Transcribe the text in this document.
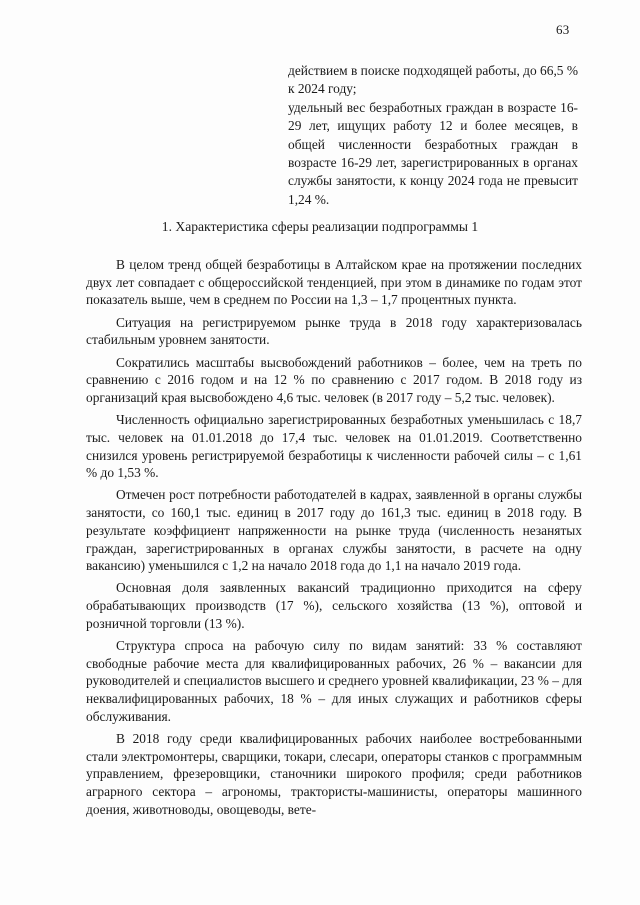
63

действием в поиске подходящей работы, до 66,5 % к 2024 году;

удельный вес безработных граждан в возрасте 16-29 лет, ищущих работу 12 и более месяцев, в общей численности безработных граждан в возрасте 16-29 лет, зарегистрированных в органах службы занятости, к концу 2024 года не превысит 1,24 %.

1. Характеристика сферы реализации подпрограммы 1

В целом тренд общей безработицы в Алтайском крае на протяжении последних двух лет совпадает с общероссийской тенденцией, при этом в динамике по годам этот показатель выше, чем в среднем по России на 1,3 – 1,7 процентных пункта.

Ситуация на регистрируемом рынке труда в 2018 году характеризовалась стабильным уровнем занятости.

Сократились масштабы высвобождений работников – более, чем на треть по сравнению с 2016 годом и на 12 % по сравнению с 2017 годом. В 2018 году из организаций края высвобождено 4,6 тыс. человек (в 2017 году – 5,2 тыс. человек).

Численность официально зарегистрированных безработных уменьшилась с 18,7 тыс. человек на 01.01.2018 до 17,4 тыс. человек на 01.01.2019. Соответственно снизился уровень регистрируемой безработицы к численности рабочей силы – с 1,61 % до 1,53 %.

Отмечен рост потребности работодателей в кадрах, заявленной в органы службы занятости, со 160,1 тыс. единиц в 2017 году до 161,3 тыс. единиц в 2018 году. В результате коэффициент напряженности на рынке труда (численность незанятых граждан, зарегистрированных в органах службы занятости, в расчете на одну вакансию) уменьшился с 1,2 на начало 2018 года до 1,1 на начало 2019 года.

Основная доля заявленных вакансий традиционно приходится на сферу обрабатывающих производств (17 %), сельского хозяйства (13 %), оптовой и розничной торговли (13 %).

Структура спроса на рабочую силу по видам занятий: 33 % составляют свободные рабочие места для квалифицированных рабочих, 26 % – вакансии для руководителей и специалистов высшего и среднего уровней квалификации, 23 % – для неквалифицированных рабочих, 18 % – для иных служащих и работников сферы обслуживания.

В 2018 году среди квалифицированных рабочих наиболее востребованными стали электромонтеры, сварщики, токари, слесари, операторы станков с программным управлением, фрезеровщики, станочники широкого профиля; среди работников аграрного сектора – агрономы, трактористы-машинисты, операторы машинного доения, животноводы, овощеводы, вете-
